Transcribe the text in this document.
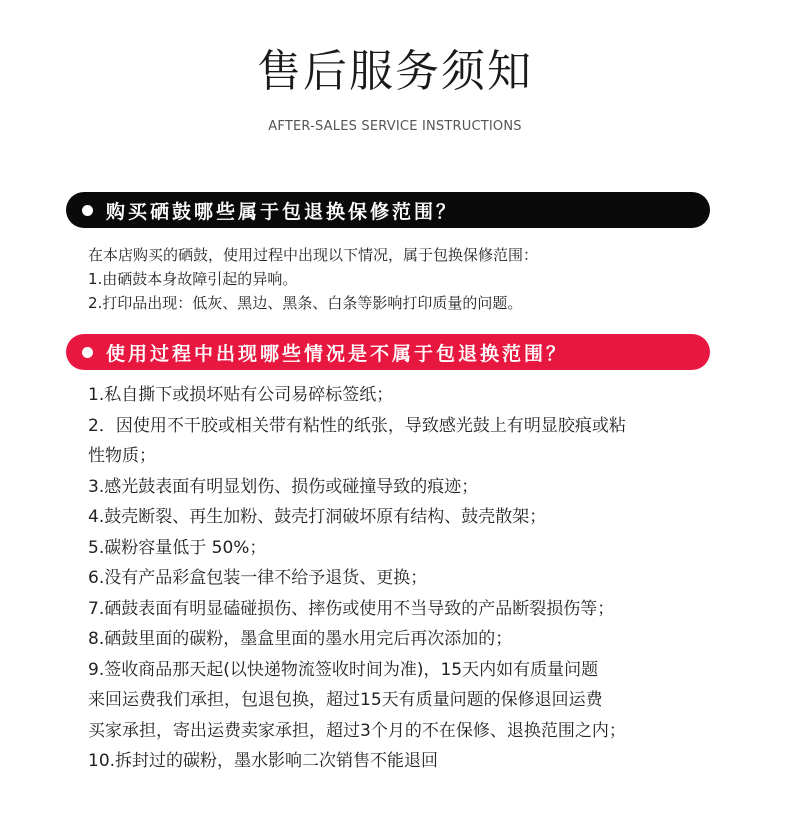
售后服务须知
AFTER-SALES SERVICE INSTRUCTIONS
购买硒鼓哪些属于包退换保修范围？
在本店购买的硒鼓，使用过程中出现以下情况，属于包换保修范围：
1.由硒鼓本身故障引起的异响。
2.打印品出现：低灰、黑边、黑条、白条等影响打印质量的问题。
使用过程中出现哪些情况是不属于包退换范围？
1.私自撕下或损坏贴有公司易碎标签纸；
2．因使用不干胶或相关带有粘性的纸张，导致感光鼓上有明显胶痕或粘
性物质；
3.感光鼓表面有明显划伤、损伤或碰撞导致的痕迹；
4.鼓壳断裂、再生加粉、鼓壳打洞破坏原有结构、鼓壳散架；
5.碳粉容量低于 50%；
6.没有产品彩盒包装一律不给予退货、更换；
7.硒鼓表面有明显磕碰损伤、摔伤或使用不当导致的产品断裂损伤等；
8.硒鼓里面的碳粉，墨盒里面的墨水用完后再次添加的；
9.签收商品那天起(以快递物流签收时间为准)，15天内如有质量问题
来回运费我们承担，包退包换，超过15天有质量问题的保修退回运费
买家承担，寄出运费卖家承担，超过3个月的不在保修、退换范围之内；
10.拆封过的碳粉，墨水影响二次销售不能退回
